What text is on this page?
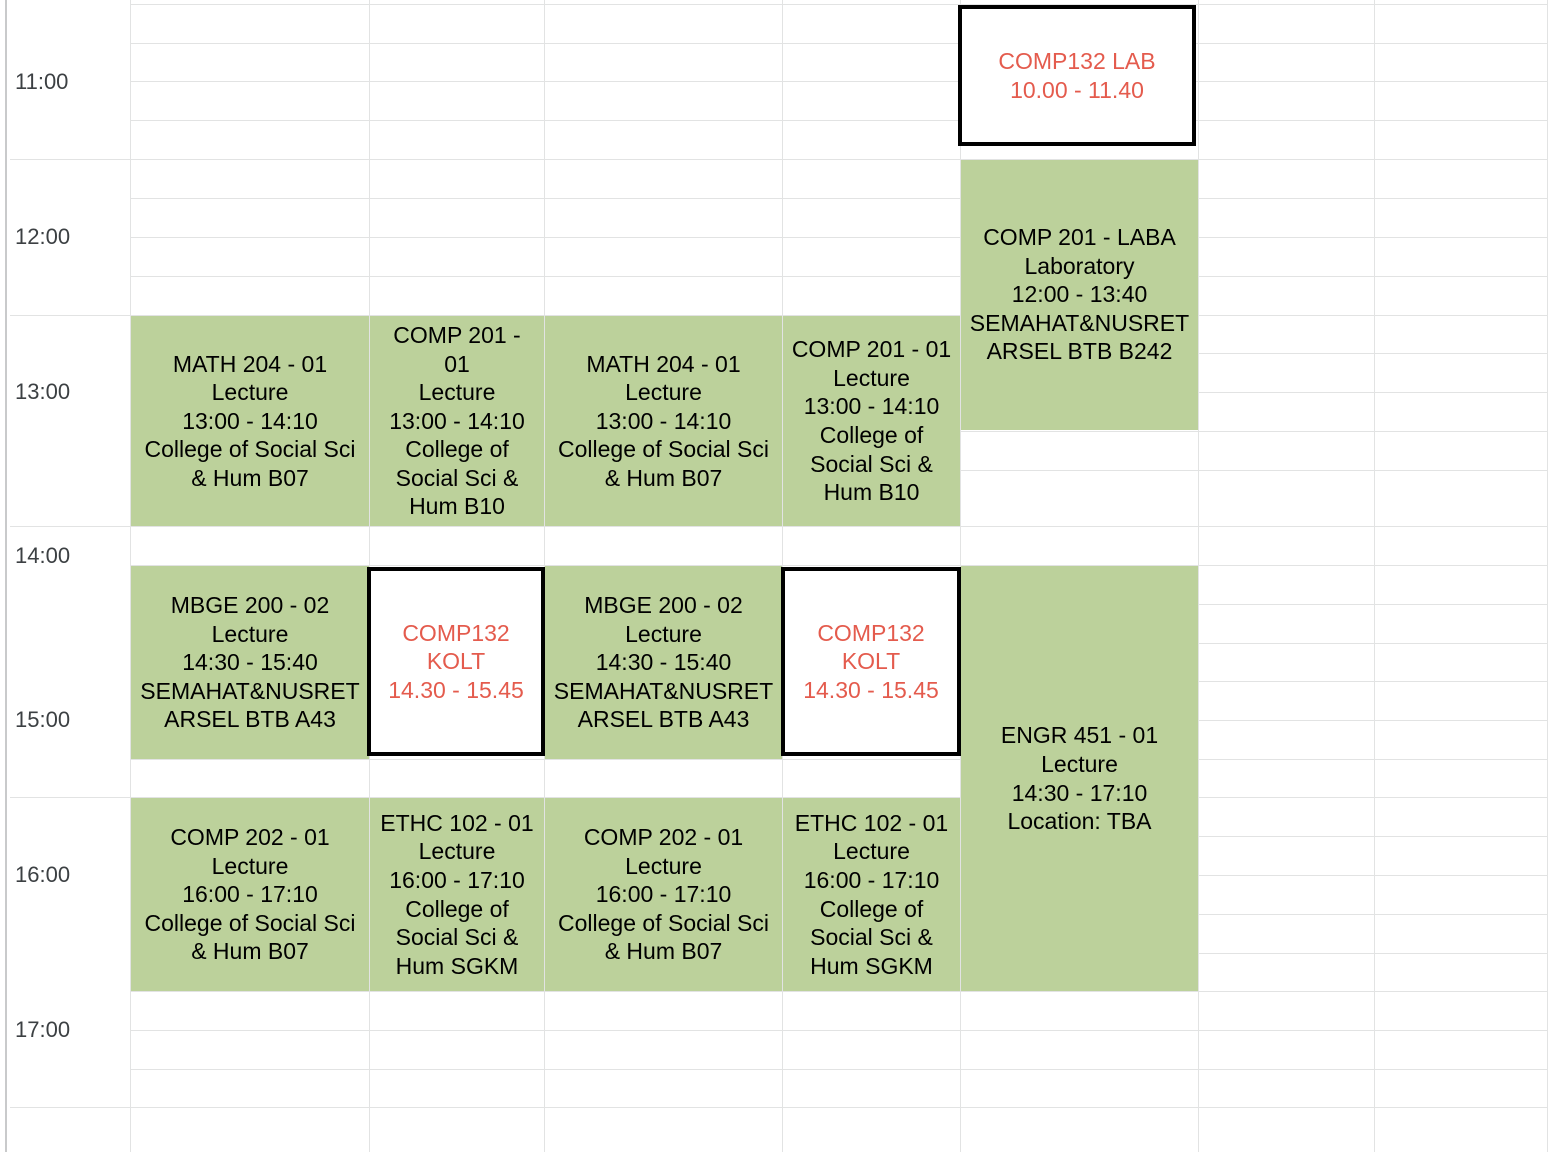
11:00
12:00
13:00
14:00
15:00
16:00
17:00
COMP132 LAB
10.00 - 11.40
COMP 201 - LABA
Laboratory
12:00 - 13:40
SEMAHAT&NUSRET
ARSEL BTB B242
MATH 204 - 01
Lecture
13:00 - 14:10
College of Social Sci
& Hum B07
COMP 201 -
01
Lecture
13:00 - 14:10
College of
Social Sci &
Hum B10
MATH 204 - 01
Lecture
13:00 - 14:10
College of Social Sci
& Hum B07
COMP 201 - 01
Lecture
13:00 - 14:10
College of
Social Sci &
Hum B10
MBGE 200 - 02
Lecture
14:30 - 15:40
SEMAHAT&NUSRET
ARSEL BTB A43
COMP132
KOLT
14.30 - 15.45
MBGE 200 - 02
Lecture
14:30 - 15:40
SEMAHAT&NUSRET
ARSEL BTB A43
COMP132
KOLT
14.30 - 15.45
ENGR 451 - 01
Lecture
14:30 - 17:10
Location: TBA
COMP 202 - 01
Lecture
16:00 - 17:10
College of Social Sci
& Hum B07
ETHC 102 - 01
Lecture
16:00 - 17:10
College of
Social Sci &
Hum SGKM
COMP 202 - 01
Lecture
16:00 - 17:10
College of Social Sci
& Hum B07
ETHC 102 - 01
Lecture
16:00 - 17:10
College of
Social Sci &
Hum SGKM
